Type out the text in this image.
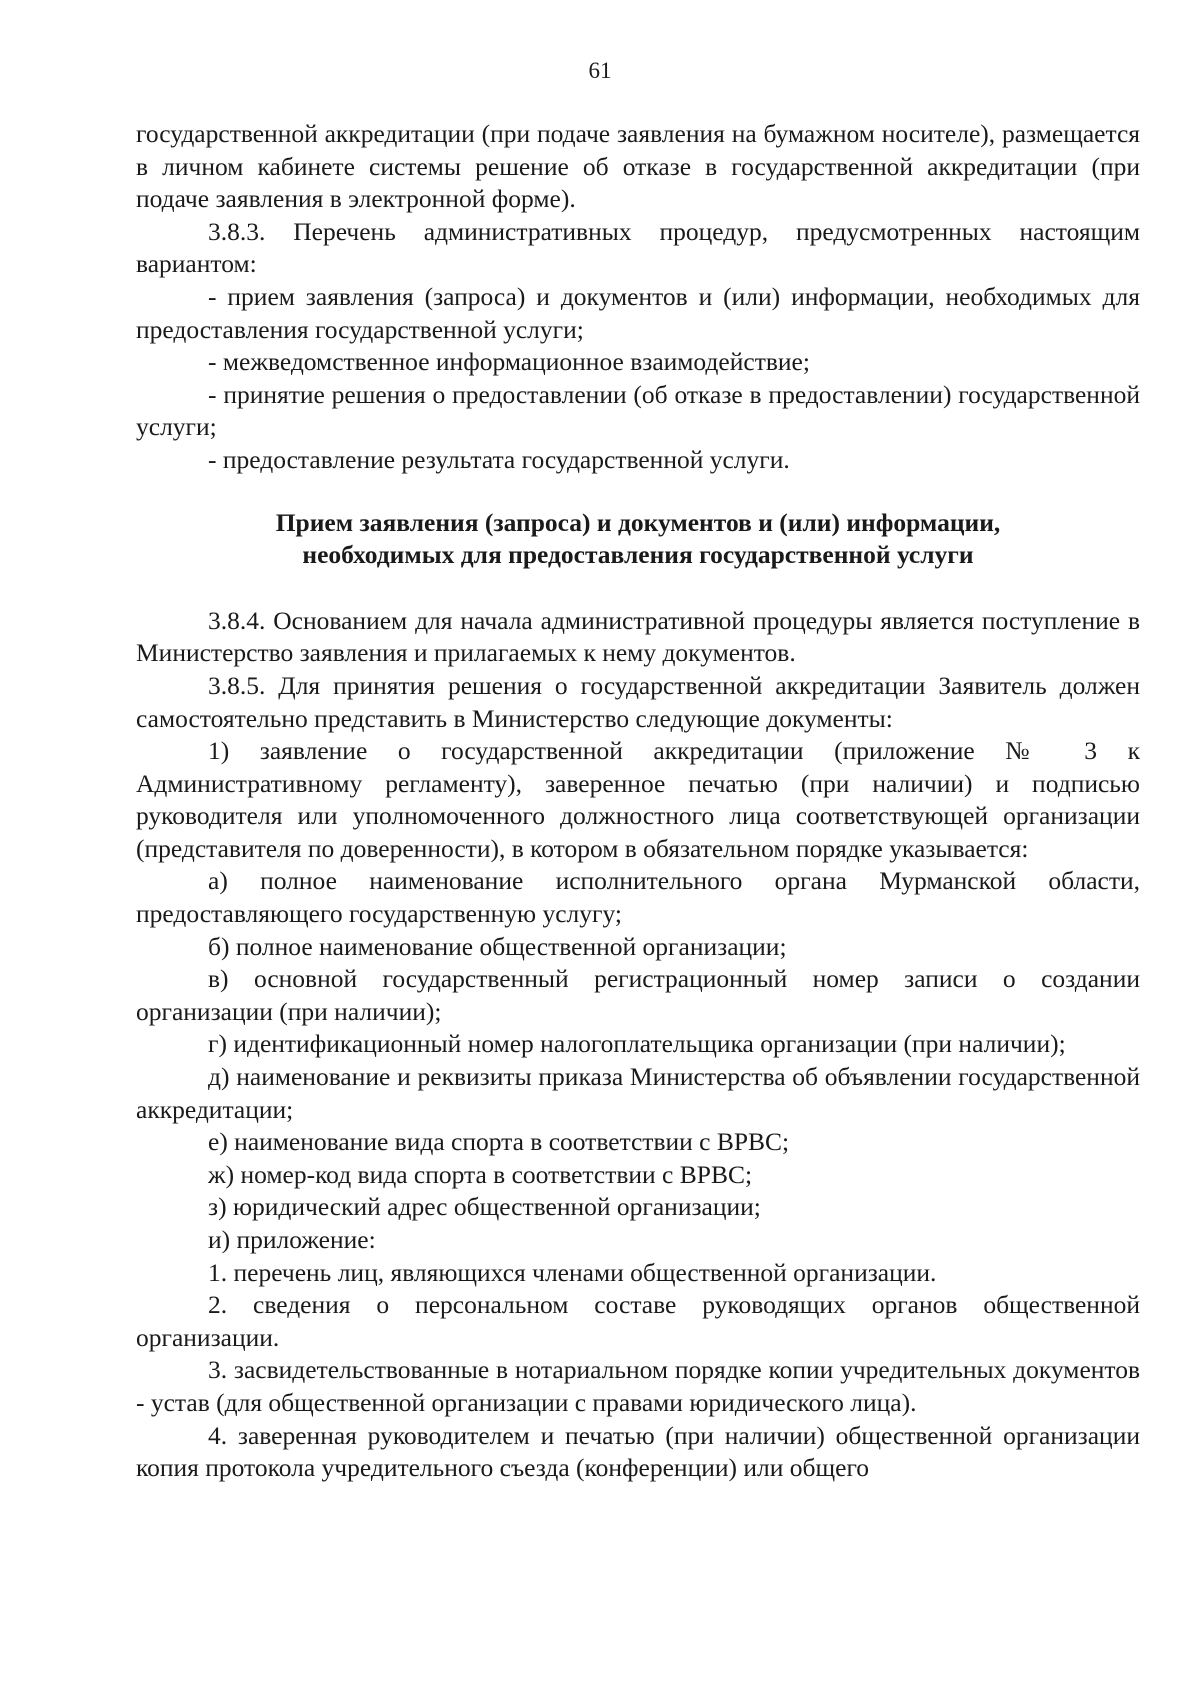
61

государственной аккредитации (при подаче заявления на бумажном носителе), размещается в личном кабинете системы решение об отказе в государственной аккредитации (при подаче заявления в электронной форме).

3.8.3. Перечень административных процедур, предусмотренных настоящим вариантом:

- прием заявления (запроса) и документов и (или) информации, необходимых для предоставления государственной услуги;

- межведомственное информационное взаимодействие;

- принятие решения о предоставлении (об отказе в предоставлении) государственной услуги;

- предоставление результата государственной услуги.

Прием заявления (запроса) и документов и (или) информации,
необходимых для предоставления государственной услуги

3.8.4. Основанием для начала административной процедуры является поступление в Министерство заявления и прилагаемых к нему документов.

3.8.5. Для принятия решения о государственной аккредитации Заявитель должен самостоятельно представить в Министерство следующие документы:

1) заявление о государственной аккредитации (приложение № 3 к Административному регламенту), заверенное печатью (при наличии) и подписью руководителя или уполномоченного должностного лица соответствующей организации (представителя по доверенности), в котором в обязательном порядке указывается:

а) полное наименование исполнительного органа Мурманской области, предоставляющего государственную услугу;

б) полное наименование общественной организации;

в) основной государственный регистрационный номер записи о создании организации (при наличии);

г) идентификационный номер налогоплательщика организации (при наличии);

д) наименование и реквизиты приказа Министерства об объявлении государственной аккредитации;

е) наименование вида спорта в соответствии с ВРВС;

ж) номер-код вида спорта в соответствии с ВРВС;

з) юридический адрес общественной организации;

и) приложение:

1. перечень лиц, являющихся членами общественной организации.

2. сведения о персональном составе руководящих органов общественной организации.

3. засвидетельствованные в нотариальном порядке копии учредительных документов - устав (для общественной организации с правами юридического лица).

4. заверенная руководителем и печатью (при наличии) общественной организации копия протокола учредительного съезда (конференции) или общего
